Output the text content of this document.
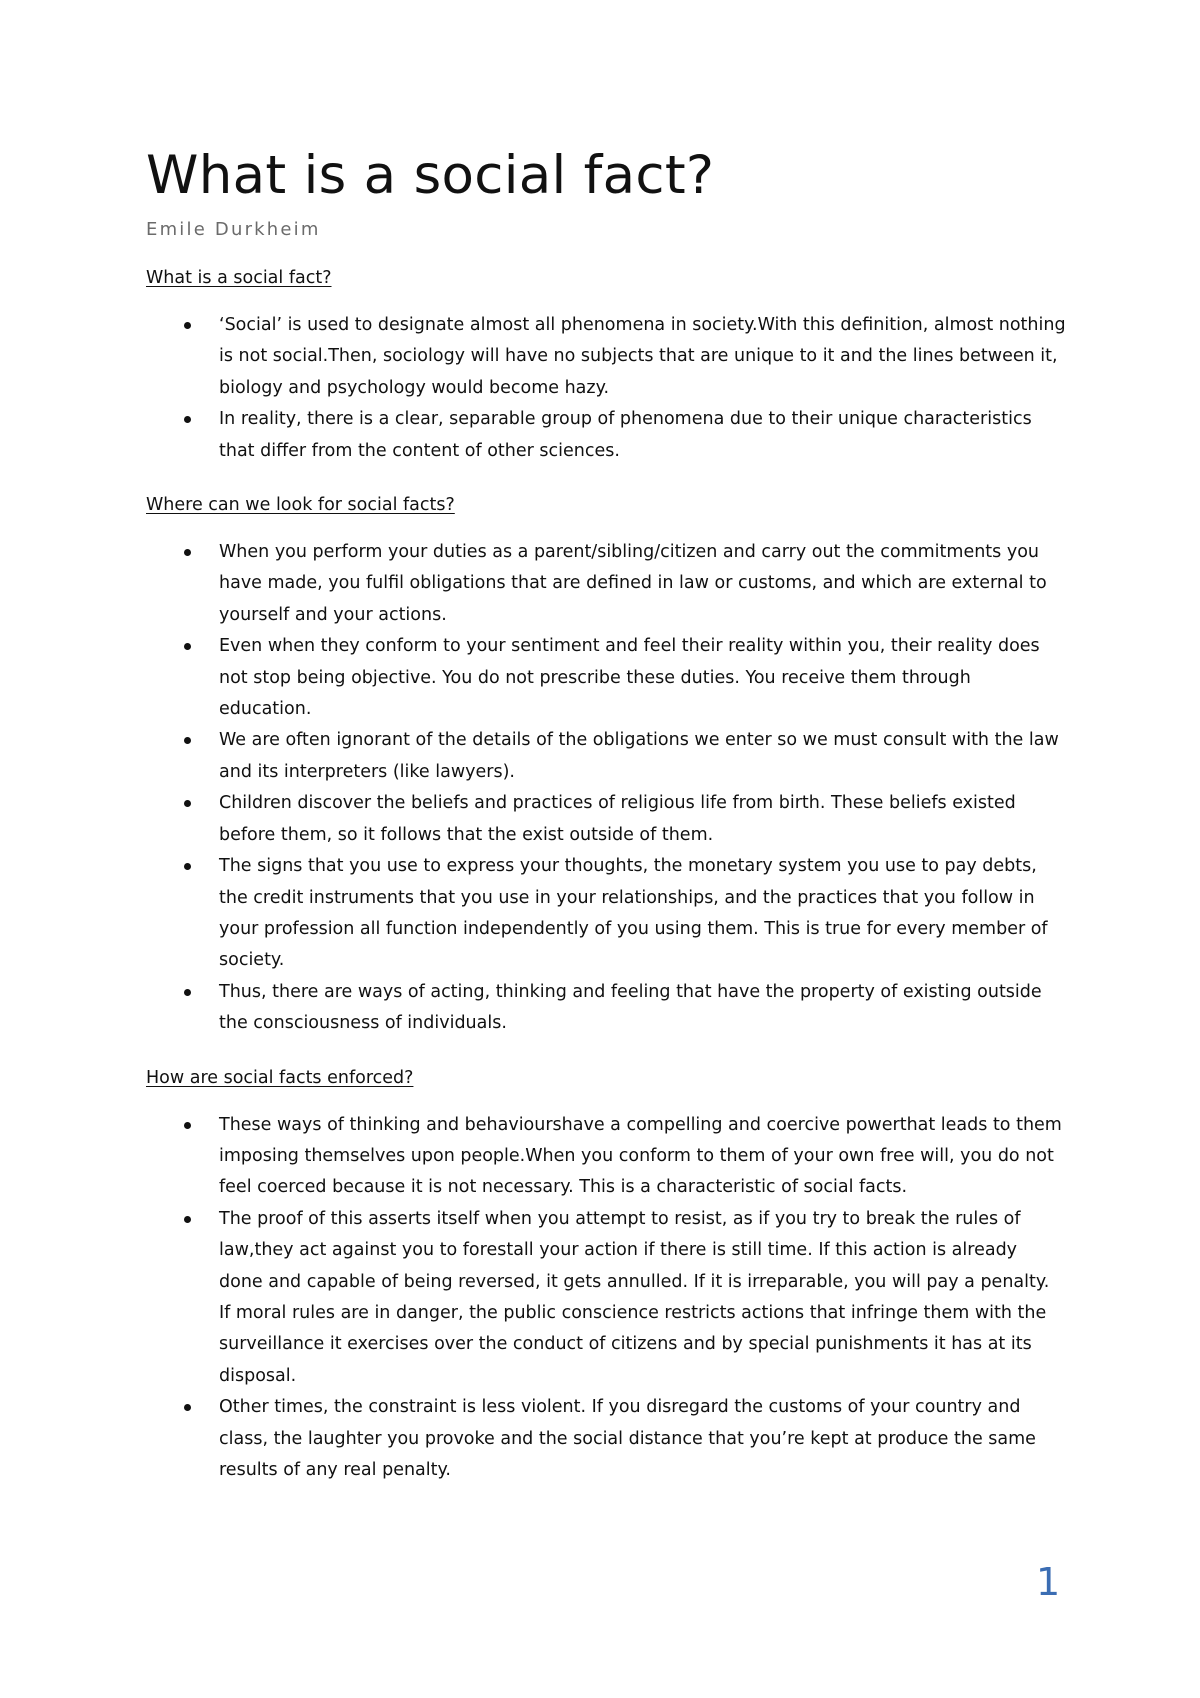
What is a social fact?
Emile Durkheim

What is a social fact?

‘Social’ is used to designate almost all phenomena in society.With this definition, almost nothing is not social.Then, sociology will have no subjects that are unique to it and the lines between it, biology and psychology would become hazy.
In reality, there is a clear, separable group of phenomena due to their unique characteristics that differ from the content of other sciences.

Where can we look for social facts?

When you perform your duties as a parent/sibling/citizen and carry out the commitments you have made, you fulfil obligations that are defined in law or customs, and which are external to yourself and your actions.
Even when they conform to your sentiment and feel their reality within you, their reality does not stop being objective. You do not prescribe these duties. You receive them through education.
We are often ignorant of the details of the obligations we enter so we must consult with the law and its interpreters (like lawyers).
Children discover the beliefs and practices of religious life from birth. These beliefs existed before them, so it follows that the exist outside of them.
The signs that you use to express your thoughts, the monetary system you use to pay debts, the credit instruments that you use in your relationships, and the practices that you follow in your profession all function independently of you using them. This is true for every member of society.
Thus, there are ways of acting, thinking and feeling that have the property of existing outside the consciousness of individuals.

How are social facts enforced?

These ways of thinking and behaviourshave a compelling and coercive powerthat leads to them imposing themselves upon people.When you conform to them of your own free will, you do not feel coerced because it is not necessary. This is a characteristic of social facts.
The proof of this asserts itself when you attempt to resist, as if you try to break the rules of law,they act against you to forestall your action if there is still time. If this action is already done and capable of being reversed, it gets annulled. If it is irreparable, you will pay a penalty. If moral rules are in danger, the public conscience restricts actions that infringe them with the surveillance it exercises over the conduct of citizens and by special punishments it has at its disposal.
Other times, the constraint is less violent. If you disregard the customs of your country and class, the laughter you provoke and the social distance that you’re kept at produce the same results of any real penalty.
1
